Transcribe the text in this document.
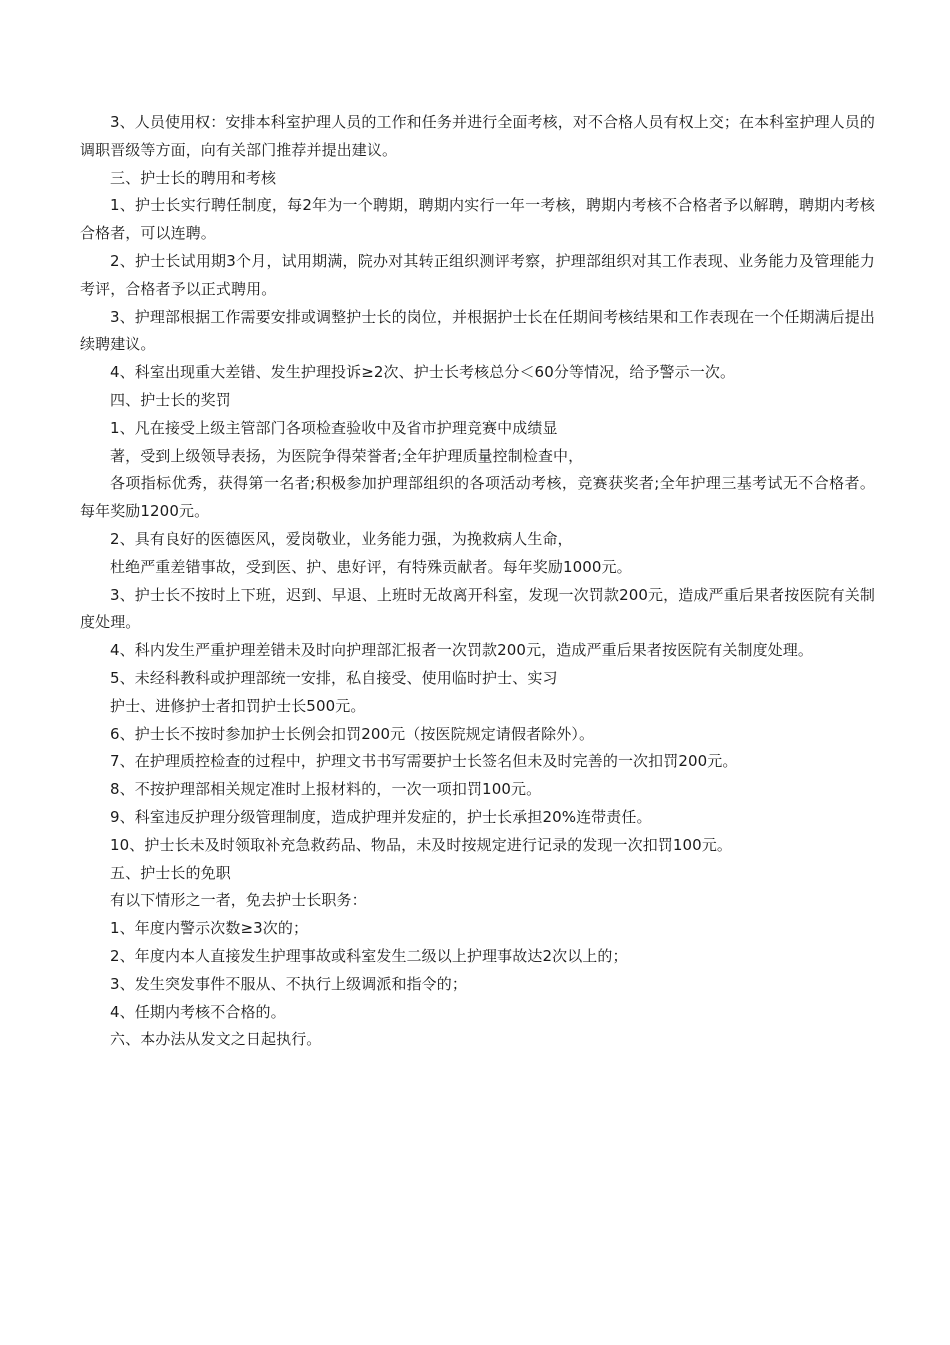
3、人员使用权：安排本科室护理人员的工作和任务并进行全面考核，对不合格人员有权上交；在本科室护理人员的调职晋级等方面，向有关部门推荐并提出建议。

三、护士长的聘用和考核

1、护士长实行聘任制度，每2年为一个聘期，聘期内实行一年一考核，聘期内考核不合格者予以解聘，聘期内考核合格者，可以连聘。

2、护士长试用期3个月，试用期满，院办对其转正组织测评考察，护理部组织对其工作表现、业务能力及管理能力考评，合格者予以正式聘用。

3、护理部根据工作需要安排或调整护士长的岗位，并根据护士长在任期间考核结果和工作表现在一个任期满后提出续聘建议。

4、科室出现重大差错、发生护理投诉≥2次、护士长考核总分＜60分等情况，给予警示一次。

四、护士长的奖罚

1、凡在接受上级主管部门各项检查验收中及省市护理竞赛中成绩显

著，受到上级领导表扬，为医院争得荣誉者;全年护理质量控制检查中，

各项指标优秀，获得第一名者;积极参加护理部组织的各项活动考核，竞赛获奖者;全年护理三基考试无不合格者。每年奖励1200元。

2、具有良好的医德医风，爱岗敬业，业务能力强，为挽救病人生命，

杜绝严重差错事故，受到医、护、患好评，有特殊贡献者。每年奖励1000元。

3、护士长不按时上下班，迟到、早退、上班时无故离开科室，发现一次罚款200元，造成严重后果者按医院有关制度处理。

4、科内发生严重护理差错未及时向护理部汇报者一次罚款200元，造成严重后果者按医院有关制度处理。

5、未经科教科或护理部统一安排，私自接受、使用临时护士、实习

护士、进修护士者扣罚护士长500元。

6、护士长不按时参加护士长例会扣罚200元（按医院规定请假者除外）。

7、在护理质控检查的过程中，护理文书书写需要护士长签名但未及时完善的一次扣罚200元。

8、不按护理部相关规定准时上报材料的，一次一项扣罚100元。

9、科室违反护理分级管理制度，造成护理并发症的，护士长承担20%连带责任。

10、护士长未及时领取补充急救药品、物品，未及时按规定进行记录的发现一次扣罚100元。

五、护士长的免职

有以下情形之一者，免去护士长职务：

1、年度内警示次数≥3次的；

2、年度内本人直接发生护理事故或科室发生二级以上护理事故达2次以上的；

3、发生突发事件不服从、不执行上级调派和指令的；

4、任期内考核不合格的。

六、本办法从发文之日起执行。
